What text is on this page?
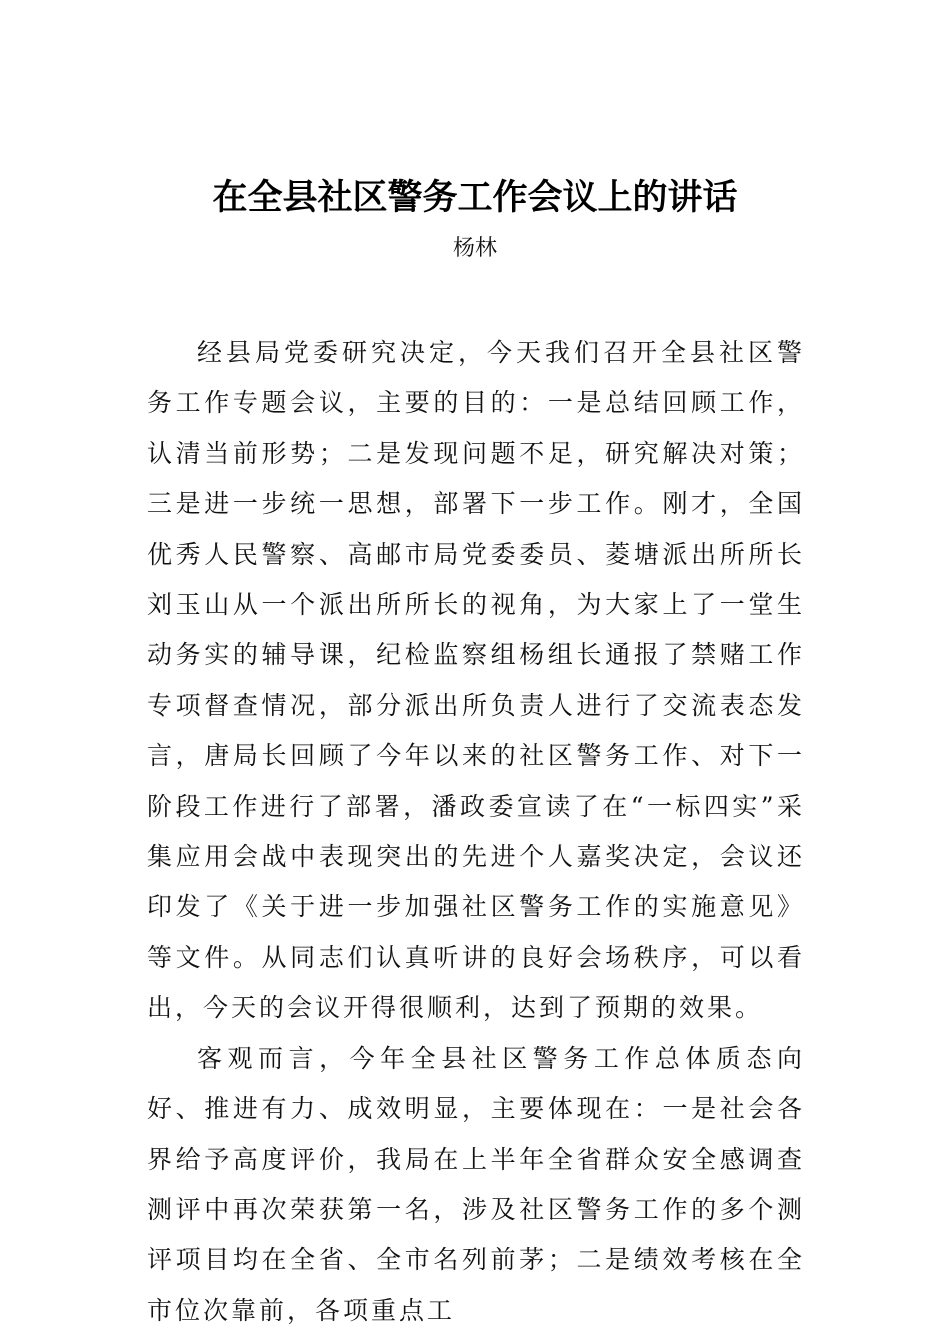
在全县社区警务工作会议上的讲话
杨林

经县局党委研究决定，今天我们召开全县社区警务工作专题会议，主要的目的：一是总结回顾工作，认清当前形势；二是发现问题不足，研究解决对策；三是进一步统一思想，部署下一步工作。刚才，全国优秀人民警察、高邮市局党委委员、菱塘派出所所长刘玉山从一个派出所所长的视角，为大家上了一堂生动务实的辅导课，纪检监察组杨组长通报了禁赌工作专项督查情况，部分派出所负责人进行了交流表态发言，唐局长回顾了今年以来的社区警务工作、对下一阶段工作进行了部署，潘政委宣读了在“一标四实”采集应用会战中表现突出的先进个人嘉奖决定，会议还印发了《关于进一步加强社区警务工作的实施意见》等文件。从同志们认真听讲的良好会场秩序，可以看出，今天的会议开得很顺利，达到了预期的效果。

客观而言，今年全县社区警务工作总体质态向好、推进有力、成效明显，主要体现在：一是社会各界给予高度评价，我局在上半年全省群众安全感调查测评中再次荣获第一名，涉及社区警务工作的多个测评项目均在全省、全市名列前茅；二是绩效考核在全市位次靠前，各项重点工
